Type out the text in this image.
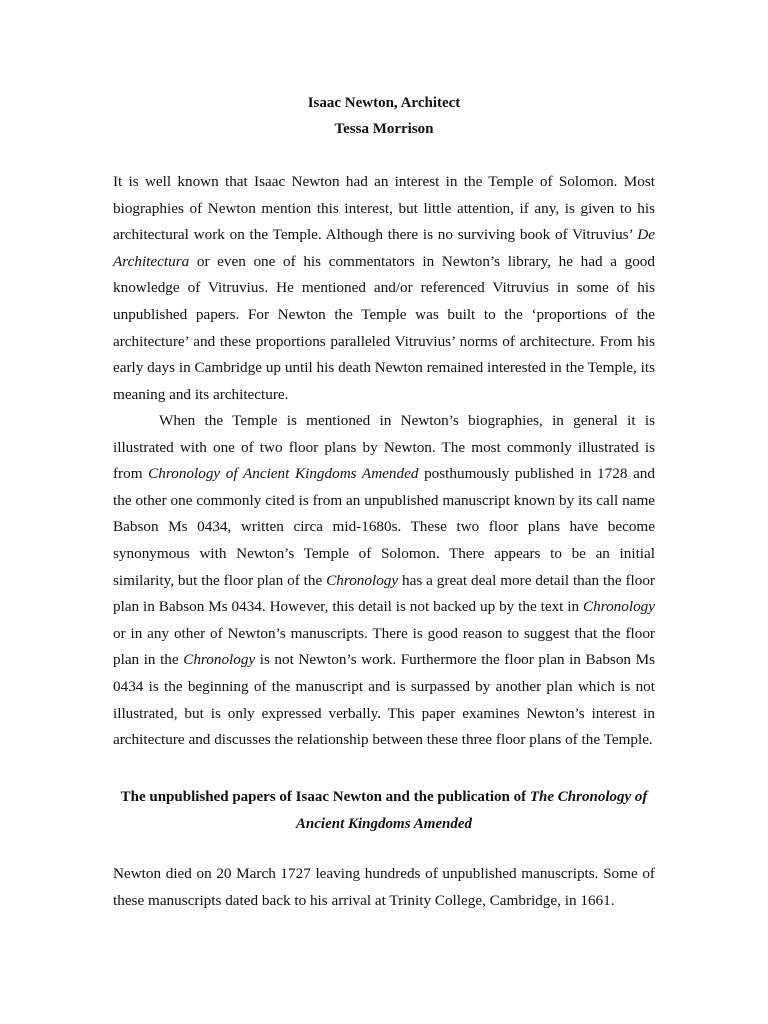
Isaac Newton, Architect
Tessa Morrison

It is well known that Isaac Newton had an interest in the Temple of Solomon. Most biographies of Newton mention this interest, but little attention, if any, is given to his architectural work on the Temple. Although there is no surviving book of Vitruvius’ De Architectura or even one of his commentators in Newton’s library, he had a good knowledge of Vitruvius. He mentioned and/or referenced Vitruvius in some of his unpublished papers. For Newton the Temple was built to the ‘proportions of the architecture’ and these proportions paralleled Vitruvius’ norms of architecture. From his early days in Cambridge up until his death Newton remained interested in the Temple, its meaning and its architecture.

When the Temple is mentioned in Newton’s biographies, in general it is illustrated with one of two floor plans by Newton. The most commonly illustrated is from Chronology of Ancient Kingdoms Amended posthumously published in 1728 and the other one commonly cited is from an unpublished manuscript known by its call name Babson Ms 0434, written circa mid-1680s. These two floor plans have become synonymous with Newton’s Temple of Solomon. There appears to be an initial similarity, but the floor plan of the Chronology has a great deal more detail than the floor plan in Babson Ms 0434. However, this detail is not backed up by the text in Chronology or in any other of Newton’s manuscripts. There is good reason to suggest that the floor plan in the Chronology is not Newton’s work. Furthermore the floor plan in Babson Ms 0434 is the beginning of the manuscript and is surpassed by another plan which is not illustrated, but is only expressed verbally. This paper examines Newton’s interest in architecture and discusses the relationship between these three floor plans of the Temple.

The unpublished papers of Isaac Newton and the publication of The Chronology of Ancient Kingdoms Amended

Newton died on 20 March 1727 leaving hundreds of unpublished manuscripts. Some of these manuscripts dated back to his arrival at Trinity College, Cambridge, in 1661.
